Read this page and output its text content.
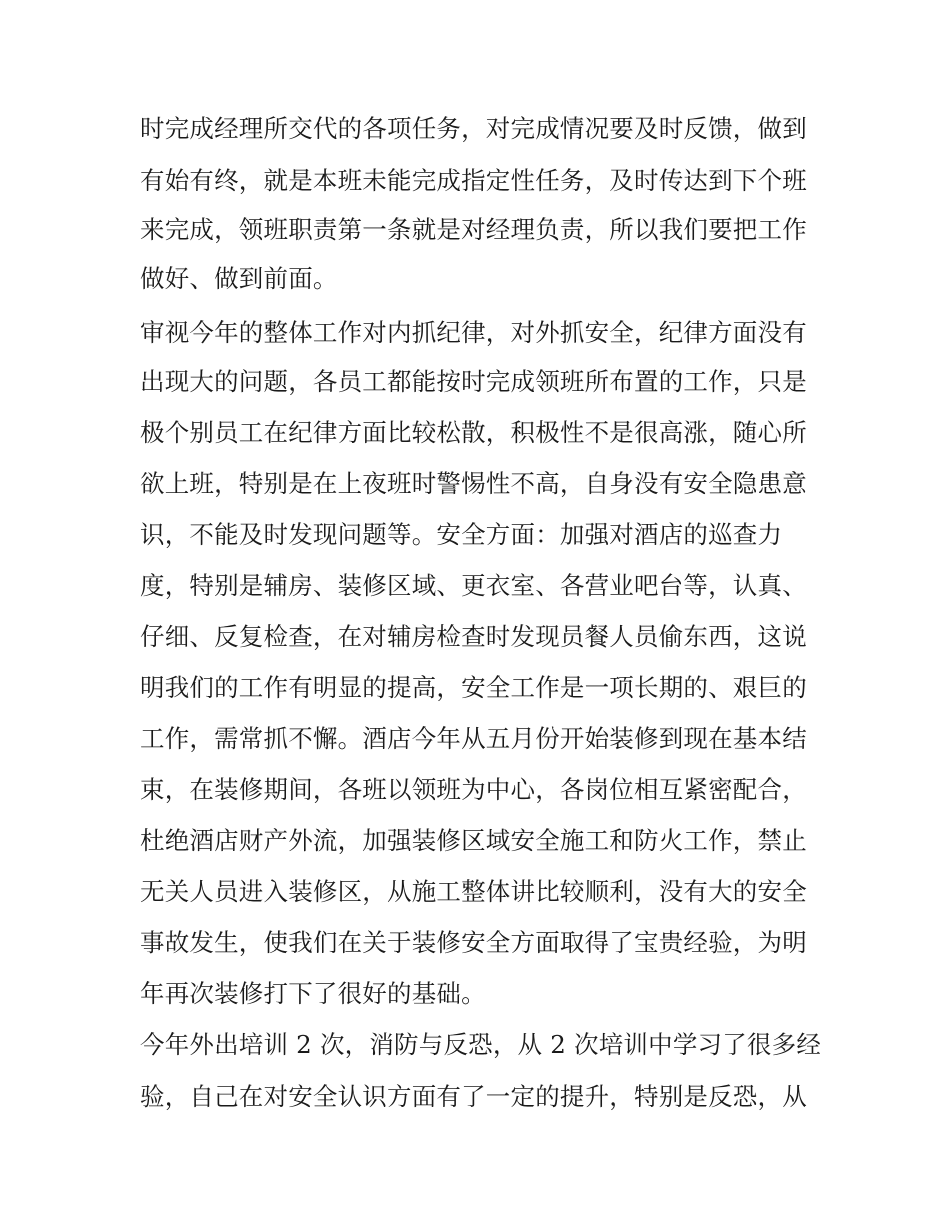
时完成经理所交代的各项任务，对完成情况要及时反馈，做到
有始有终，就是本班未能完成指定性任务，及时传达到下个班
来完成，领班职责第一条就是对经理负责，所以我们要把工作
做好、做到前面。
审视今年的整体工作对内抓纪律，对外抓安全，纪律方面没有
出现大的问题，各员工都能按时完成领班所布置的工作，只是
极个别员工在纪律方面比较松散，积极性不是很高涨，随心所
欲上班，特别是在上夜班时警惕性不高，自身没有安全隐患意
识，不能及时发现问题等。安全方面：加强对酒店的巡查力
度，特别是辅房、装修区域、更衣室、各营业吧台等，认真、
仔细、反复检查，在对辅房检查时发现员餐人员偷东西，这说
明我们的工作有明显的提高，安全工作是一项长期的、艰巨的
工作，需常抓不懈。酒店今年从五月份开始装修到现在基本结
束，在装修期间，各班以领班为中心，各岗位相互紧密配合，
杜绝酒店财产外流，加强装修区域安全施工和防火工作，禁止
无关人员进入装修区，从施工整体讲比较顺利，没有大的安全
事故发生，使我们在关于装修安全方面取得了宝贵经验，为明
年再次装修打下了很好的基础。
今年外出培训 2 次，消防与反恐，从 2 次培训中学习了很多经
验，自己在对安全认识方面有了一定的提升，特别是反恐，从
